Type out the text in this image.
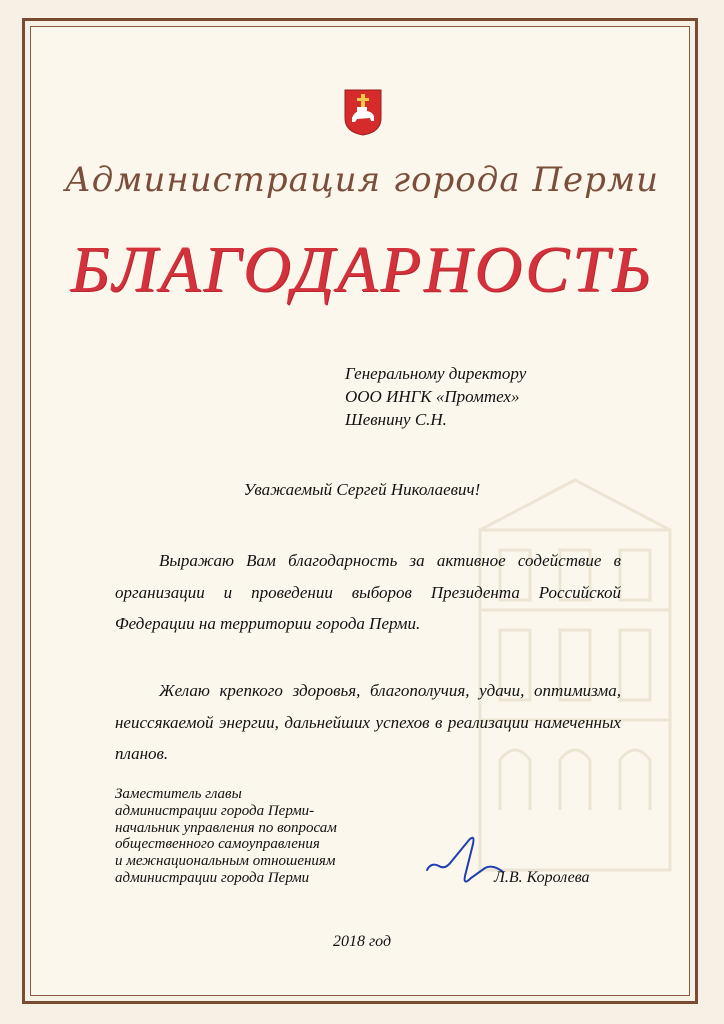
Администрация города Перми
БЛАГОДАРНОСТЬ
Генеральному директору
ООО ИНГК «Промтех»
Шевнину С.Н.
Уважаемый Сергей Николаевич!
Выражаю Вам благодарность за активное содействие в организации и проведении выборов Президента Российской Федерации на территории города Перми.
Желаю крепкого здоровья, благополучия, удачи, оптимизма, неиссякаемой энергии, дальнейших успехов в реализации намеченных планов.
Заместитель главы
администрации города Перми-
начальник управления по вопросам
общественного самоуправления
и межнациональным отношениям
администрации города Перми	Л.В. Королева
2018 год
